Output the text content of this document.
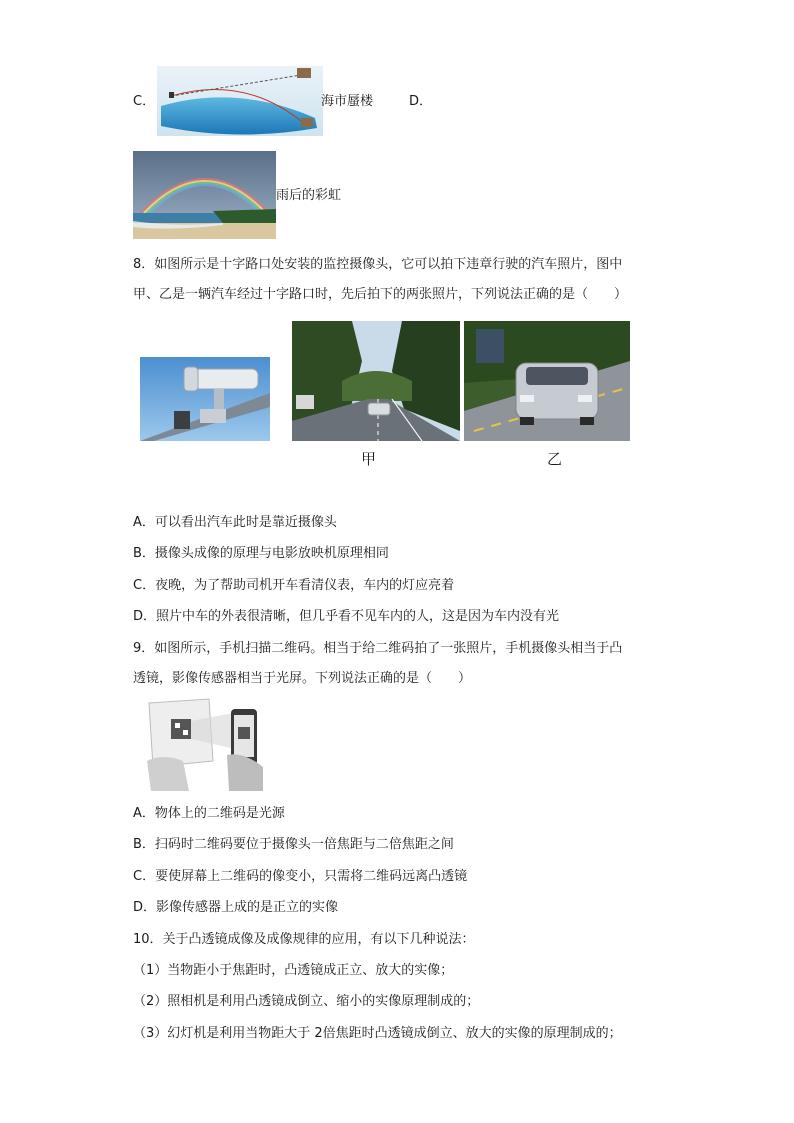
C．	海市蜃楼	D．
雨后的彩虹
8．如图所示是十字路口处安装的监控摄像头，它可以拍下违章行驶的汽车照片，图中
甲、乙是一辆汽车经过十字路口时，先后拍下的两张照片，下列说法正确的是（　　）
甲	乙
A．可以看出汽车此时是靠近摄像头
B．摄像头成像的原理与电影放映机原理相同
C．夜晚，为了帮助司机开车看清仪表，车内的灯应亮着
D．照片中车的外表很清晰，但几乎看不见车内的人，这是因为车内没有光
9．如图所示，手机扫描二维码。相当于给二维码拍了一张照片，手机摄像头相当于凸
透镜，影像传感器相当于光屏。下列说法正确的是（　　）
A．物体上的二维码是光源
B．扫码时二维码要位于摄像头一倍焦距与二倍焦距之间
C．要使屏幕上二维码的像变小，只需将二维码远离凸透镜
D．影像传感器上成的是正立的实像
10．关于凸透镜成像及成像规律的应用，有以下几种说法：
（1）当物距小于焦距时，凸透镜成正立、放大的实像；
（2）照相机是利用凸透镜成倒立、缩小的实像原理制成的；
（3）幻灯机是利用当物距大于 2倍焦距时凸透镜成倒立、放大的实像的原理制成的；
